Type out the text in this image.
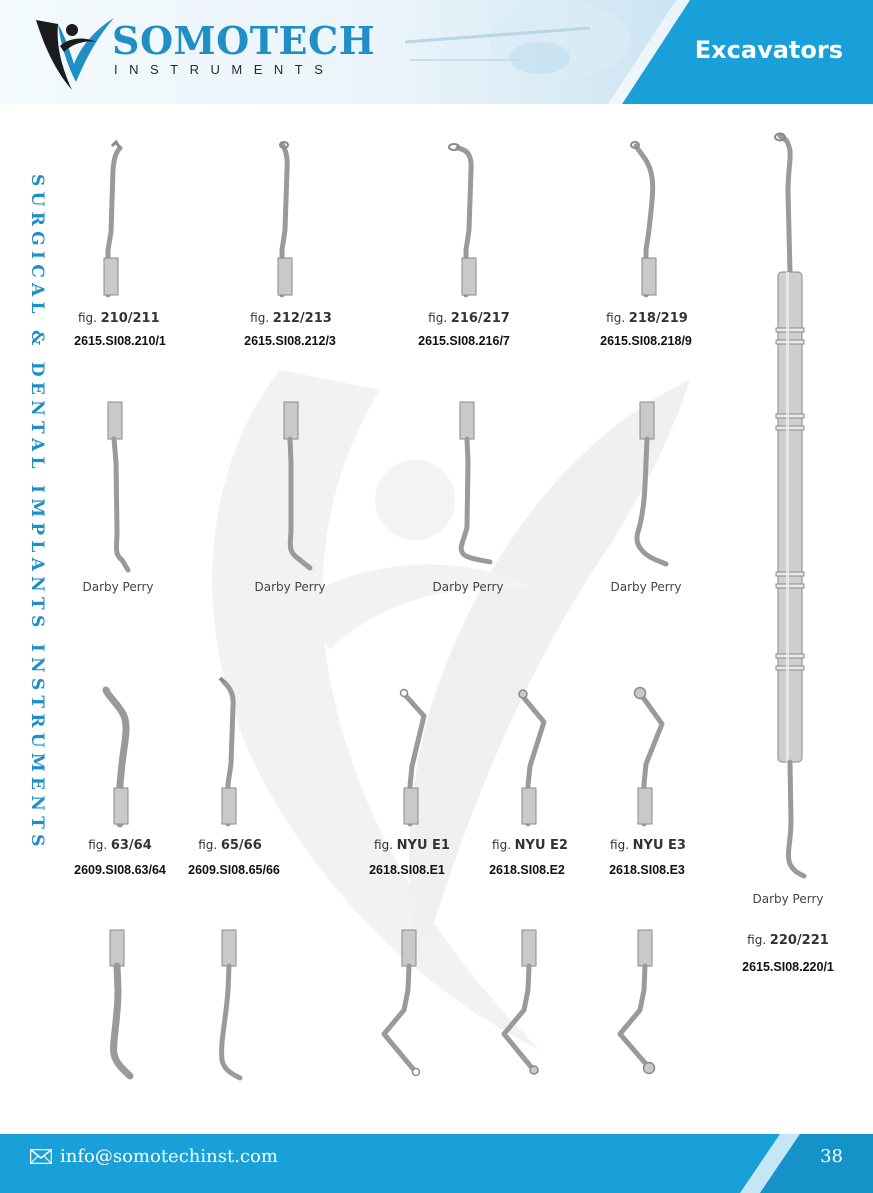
SOMOTECH
INSTRUMENTS
Excavators
SURGICAL & DENTAL IMPLANTS INSTRUMENTS	fig. 210/211
2615.SI08.210/1
fig. 212/213
2615.SI08.212/3
fig. 216/217
2615.SI08.216/7
fig. 218/219
2615.SI08.218/9
Darby Perry	Darby Perry	Darby Perry	Darby Perry
fig. 63/64
2609.SI08.63/64
fig. 65/66
2609.SI08.65/66
fig. NYU E1
2618.SI08.E1
fig. NYU E2
2618.SI08.E2
fig. NYU E3
2618.SI08.E3
Darby Perry
fig. 220/221
2615.SI08.220/1
info@somotechinst.com	38
